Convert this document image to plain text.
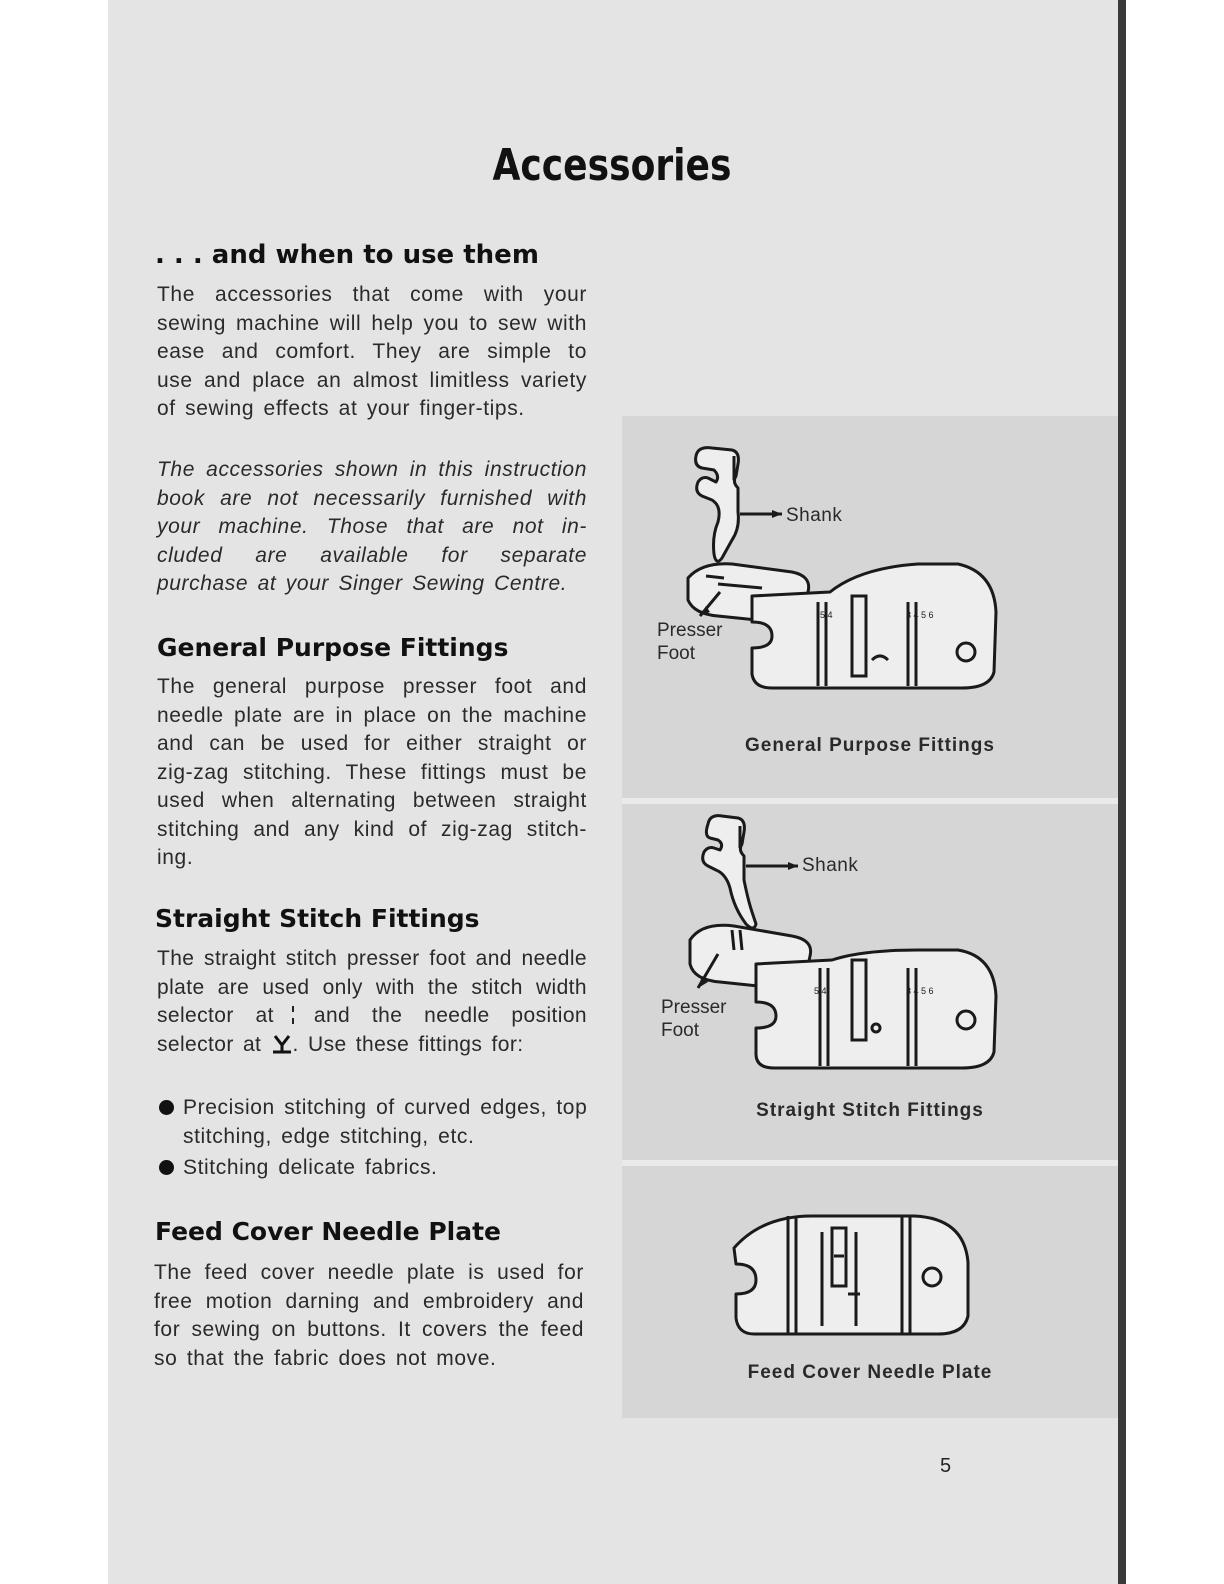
Accessories
. . . and when to use them

The accessories that come with your sewing machine will help you to sew with ease and comfort. They are simple to use and place an almost limitless variety of sewing effects at your finger-tips.

The accessories shown in this instruction book are not necessarily furnished with your machine. Those that are not in-cluded are available for separate purchase at your Singer Sewing Centre.

General Purpose Fittings

The general purpose presser foot and needle plate are in place on the machine and can be used for either straight or zig-zag stitching. These fittings must be used when alternating between straight stitching and any kind of zig-zag stitch-ing.

Straight Stitch Fittings

The straight stitch presser foot and needle plate are used only with the stitch width selector at and the needle position selector at . Use these fittings for:

Precision stitching of curved edges, top stitching, edge stitching, etc.
Stitching delicate fabrics.
Feed Cover Needle Plate

The feed cover needle plate is used for free motion darning and embroidery and for sewing on buttons. It covers the feed so that the fabric does not move.

5 4	3 4 5 6
Shank
Presser
Foot
General Purpose Fittings
5 4	3 4 5 6
Shank
Presser
Foot
Straight Stitch Fittings
Feed Cover Needle Plate
5
